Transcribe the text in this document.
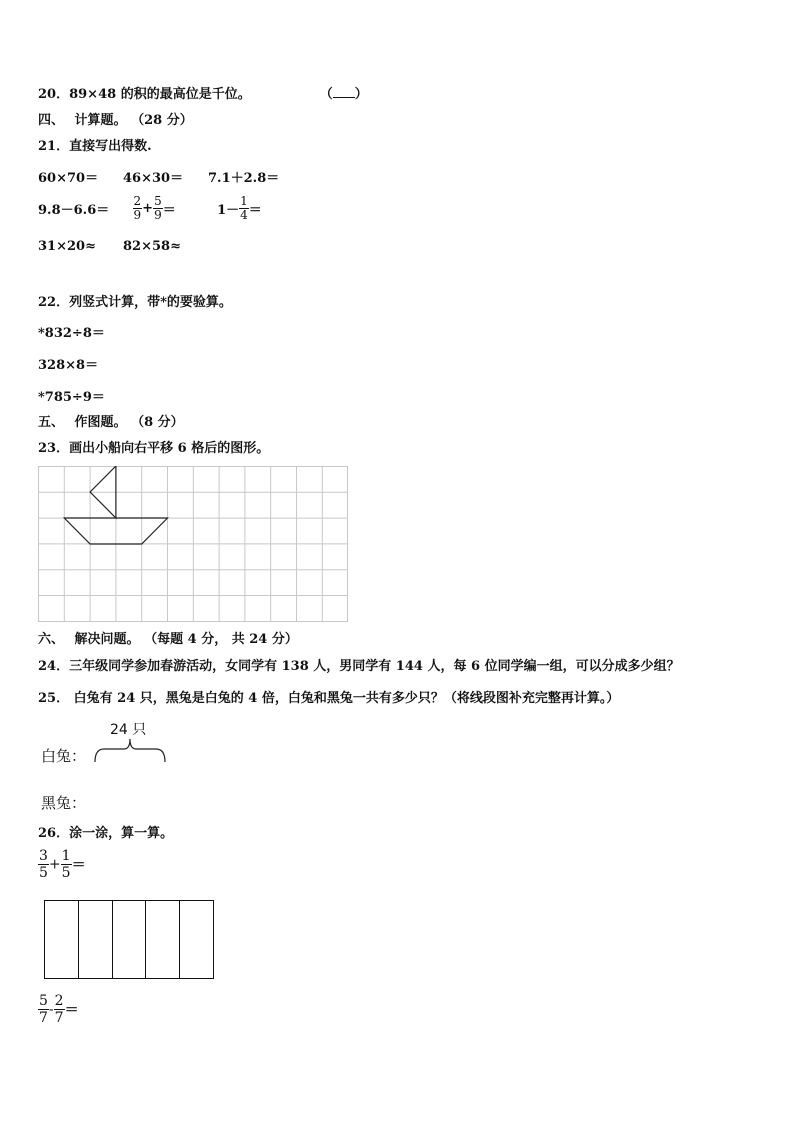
20．89×48 的积的最高位是千位。	（ ）
四、 计算题。 （28 分）
21．直接写出得数.
60×70＝ 46×30＝ 7.1＋2.8＝
$9.8-6.6= \frac{2}{9} + \frac{5}{9}$ ＝	$1- \frac{1}{4}$ ＝
31×20≈ 82×58≈
22．列竖式计算，带*的要验算。
*832÷8＝
328×8＝
*785÷9＝
五、 作图题。 （8 分）
23．画出小船向右平移 6 格后的图形。
六、 解决问题。 （每题 4 分， 共 24 分）
24．三年级同学参加春游活动，女同学有 138 人，男同学有 144 人，每 6 位同学编一组，可以分成多少组？
25． 白兔有 24 只，黑兔是白兔的 4 倍，白兔和黑兔一共有多少只？（将线段图补充完整再计算。）
24 只
白兔：
黑兔：
26．涂一涂，算一算。
$\frac{3}{5} + \frac{1}{5}$ ＝
$\frac{5}{7} - \frac{2}{7}$ ＝
